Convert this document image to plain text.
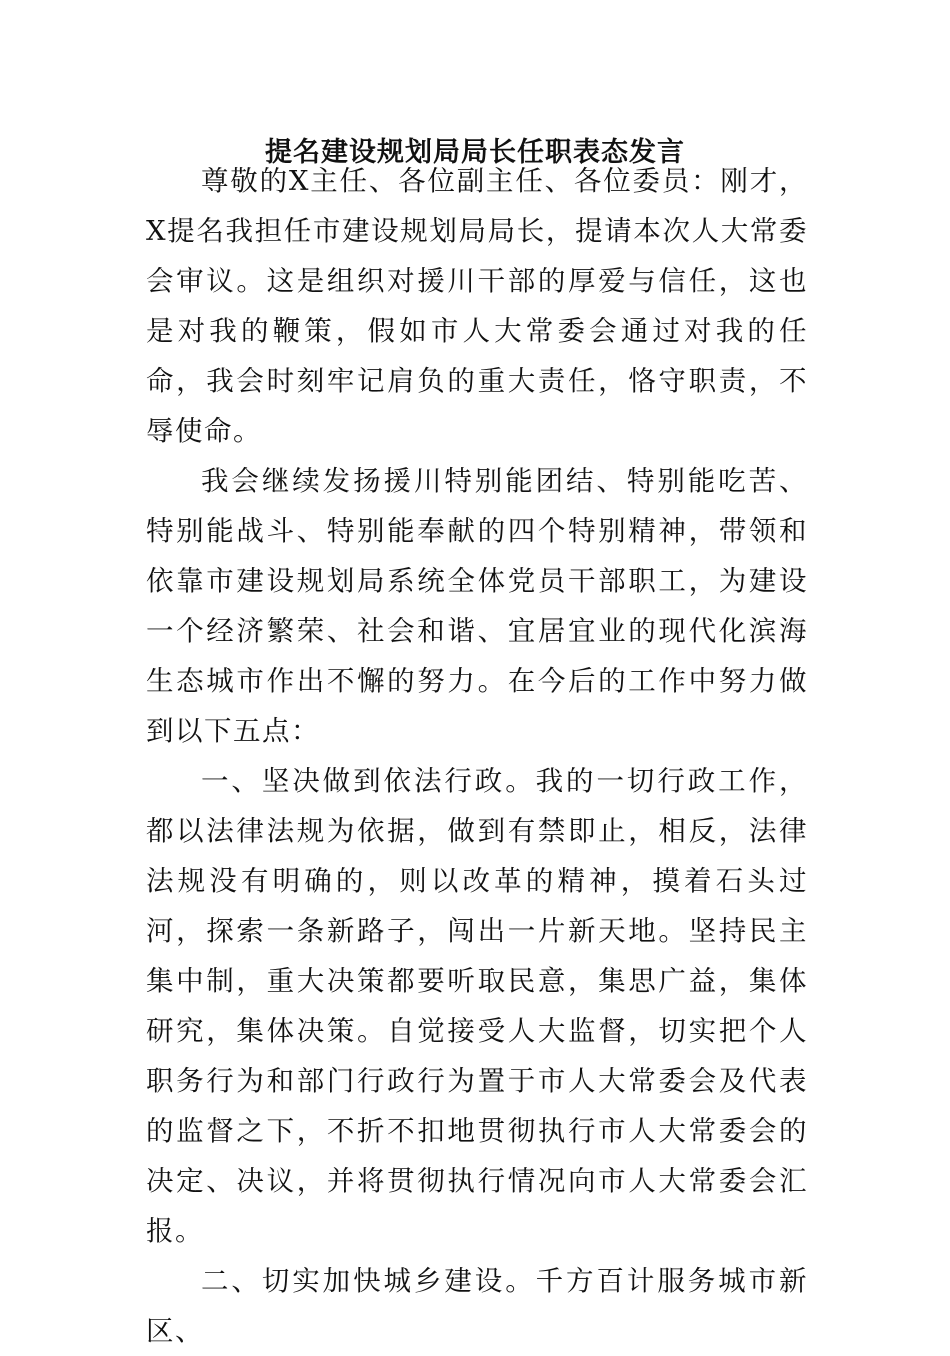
提名建设规划局局长任职表态发言

尊敬的X主任、各位副主任、各位委员：刚才，X提名我担任市建设规划局局长，提请本次人大常委会审议。这是组织对援川干部的厚爱与信任，这也是对我的鞭策，假如市人大常委会通过对我的任命，我会时刻牢记肩负的重大责任，恪守职责，不辱使命。

我会继续发扬援川特别能团结、特别能吃苦、特别能战斗、特别能奉献的四个特别精神，带领和依靠市建设规划局系统全体党员干部职工，为建设一个经济繁荣、社会和谐、宜居宜业的现代化滨海生态城市作出不懈的努力。在今后的工作中努力做到以下五点：

一、坚决做到依法行政。我的一切行政工作，都以法律法规为依据，做到有禁即止，相反，法律法规没有明确的，则以改革的精神，摸着石头过河，探索一条新路子，闯出一片新天地。坚持民主集中制，重大决策都要听取民意，集思广益，集体研究，集体决策。自觉接受人大监督，切实把个人职务行为和部门行政行为置于市人大常委会及代表的监督之下，不折不扣地贯彻执行市人大常委会的决定、决议，并将贯彻执行情况向市人大常委会汇报。

二、切实加快城乡建设。千方百计服务城市新区、
